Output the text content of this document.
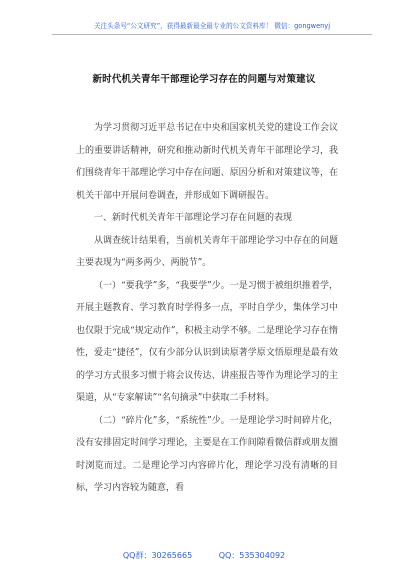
关注头条号“公文研究”，获得最新最全最专业的公文资料库！ 微信：gongwenyj
新时代机关青年干部理论学习存在的问题与对策建议

为学习贯彻习近平总书记在中央和国家机关党的建设工作会议上的重要讲话精神，研究和推动新时代机关青年干部理论学习，我们围绕青年干部理论学习中存在问题、原因分析和对策建议等，在机关干部中开展问卷调查，并形成如下调研报告。

一、新时代机关青年干部理论学习存在问题的表现

从调查统计结果看，当前机关青年干部理论学习中存在的问题主要表现为“两多两少、两脱节”。

（一）“要我学”多，“我要学”少。一是习惯于被组织推着学，开展主题教育、学习教育时学得多一点，平时自学少，集体学习中也仅限于完成“规定动作”，积极主动学不够。二是理论学习存在惰性，爱走“捷径”，仅有少部分认识到读原著学原文悟原理是最有效的学习方式很多习惯于将会议传达、讲座报告等作为理论学习的主渠道，从“专家解读”“名句摘录”中获取二手材料。

（二）“碎片化”多，“系统性”少。一是理论学习时间碎片化，没有安排固定时间学习理论，主要是在工作间隙看微信群或朋友圈时浏览而过。二是理论学习内容碎片化，理论学习没有清晰的目标，学习内容较为随意，看

QQ群：30265665	QQ：535304092
